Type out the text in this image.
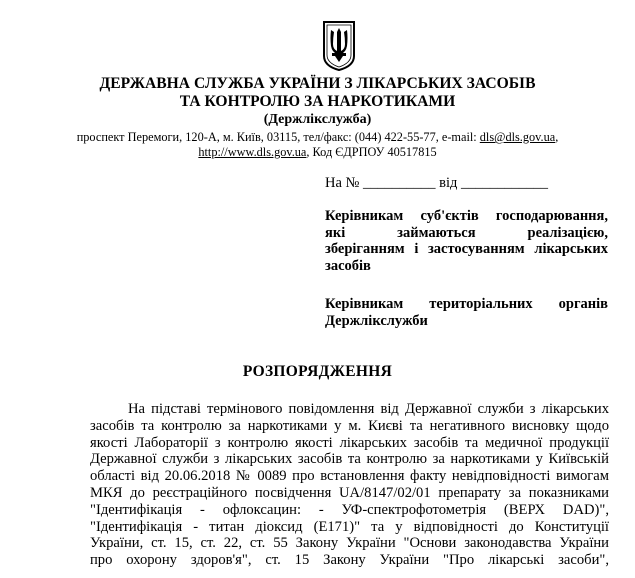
ДЕРЖАВНА СЛУЖБА УКРАЇНИ З ЛІКАРСЬКИХ ЗАСОБІВ
ТА КОНТРОЛЮ ЗА НАРКОТИКАМИ
(Держлікслужба)
проспект Перемоги, 120-А, м. Київ, 03115, тел/факс: (044) 422-55-77, e-mail: dls@dls.gov.ua,
http://www.dls.gov.ua, Код ЄДРПОУ 40517815
На № __________ від ____________
Керівникам суб'єктів господарювання,
які займаються реалізацією,
зберіганням і застосуванням лікарських
засобів
Керівникам територіальних органів
Держлікслужби
РОЗПОРЯДЖЕННЯ
На підставі термінового повідомлення від Державної служби з лікарських
засобів та контролю за наркотиками у м. Києві та негативного висновку щодо
якості Лабораторії з контролю якості лікарських засобів та медичної продукції
Державної служби з лікарських засобів та контролю за наркотиками у Київській
області від 20.06.2018 № 0089 про встановлення факту невідповідності вимогам
МКЯ до реєстраційного посвідчення UA/8147/02/01 препарату за показниками
"Ідентифікація - офлоксацин: - УФ-спектрофотометрія (ВЕРХ DAD)",
"Ідентифікація - титан діоксид (Е171)" та у відповідності до Конституції
України, ст. 15, ст. 22, ст. 55 Закону України "Основи законодавства України
про охорону здоров'я", ст. 15 Закону України "Про лікарські засоби",
